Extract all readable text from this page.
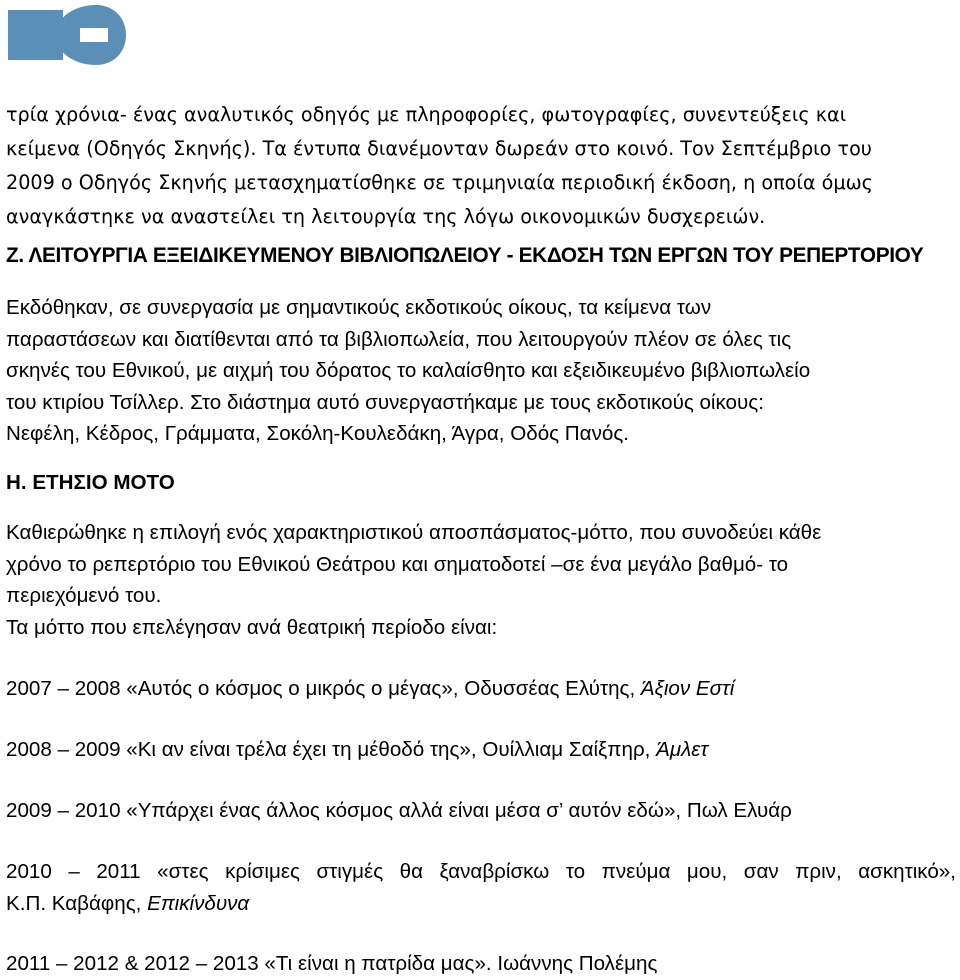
τρία χρόνια- ένας αναλυτικός οδηγός με πληροφορίες, φωτογραφίες, συνεντεύξεις και
κείμενα (Οδηγός Σκηνής). Τα έντυπα διανέμονταν δωρεάν στο κοινό. Τον Σεπτέμβριο του
2009 ο Οδηγός Σκηνής μετασχηματίσθηκε σε τριμηνιαία περιοδική έκδοση, η οποία όμως
αναγκάστηκε να αναστείλει τη λειτουργία της λόγω οικονομικών δυσχερειών.
Ζ. ΛΕΙΤΟΥΡΓΙΑ ΕΞΕΙΔΙΚΕΥΜΕΝΟΥ ΒΙΒΛΙΟΠΩΛΕΙΟΥ - ΕΚΔΟΣΗ ΤΩΝ ΕΡΓΩΝ ΤΟΥ ΡΕΠΕΡΤΟΡΙΟΥ
Εκδόθηκαν, σε συνεργασία με σημαντικούς εκδοτικούς οίκους, τα κείμενα των
παραστάσεων και διατίθενται από τα βιβλιοπωλεία, που λειτουργούν πλέον σε όλες τις
σκηνές του Εθνικού, με αιχμή του δόρατος το καλαίσθητο και εξειδικευμένο βιβλιοπωλείο
του κτιρίου Τσίλλερ. Στο διάστημα αυτό συνεργαστήκαμε με τους εκδοτικούς οίκους:
Νεφέλη, Κέδρος, Γράμματα, Σοκόλη-Κουλεδάκη, Άγρα, Οδός Πανός.
Η. ΕΤΗΣΙΟ ΜΟΤΟ
Καθιερώθηκε η επιλογή ενός χαρακτηριστικού αποσπάσματος-μόττο, που συνοδεύει κάθε
χρόνο το ρεπερτόριο του Εθνικού Θεάτρου και σηματοδοτεί –σε ένα μεγάλο βαθμό- το
περιεχόμενό του.
Τα μόττο που επελέγησαν ανά θεατρική περίοδο είναι:
2007 – 2008 «Αυτός ο κόσμος ο μικρός ο μέγας», Οδυσσέας Ελύτης, Άξιον Εστί
2008 – 2009 «Κι αν είναι τρέλα έχει τη μέθοδό της», Ουίλλιαμ Σαίξπηρ, Άμλετ
2009 – 2010 «Υπάρχει ένας άλλος κόσμος αλλά είναι μέσα σ’ αυτόν εδώ», Πωλ Ελυάρ
2010 – 2011 «στες κρίσιμες στιγμές θα ξαναβρίσκω το πνεύμα μου, σαν πριν, ασκητικό»,
Κ.Π. Καβάφης, Επικίνδυνα
2011 – 2012 & 2012 – 2013 «Τι είναι η πατρίδα μας». Ιωάννης Πολέμης
